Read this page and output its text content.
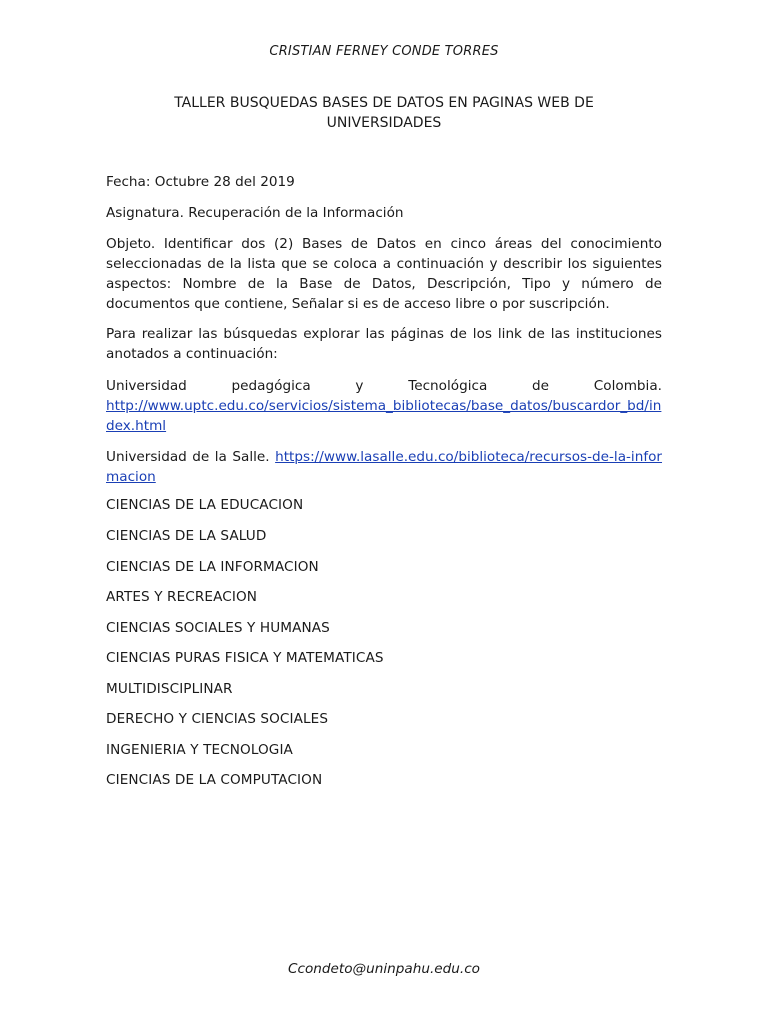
CRISTIAN FERNEY CONDE TORRES
TALLER BUSQUEDAS BASES DE DATOS EN PAGINAS WEB DE
UNIVERSIDADES

Fecha: Octubre 28 del 2019

Asignatura. Recuperación de la Información

Objeto. Identificar dos (2) Bases de Datos en cinco áreas del conocimiento seleccionadas de la lista que se coloca a continuación y describir los siguientes aspectos: Nombre de la Base de Datos, Descripción, Tipo y número de documentos que contiene, Señalar si es de acceso libre o por suscripción.

Para realizar las búsquedas explorar las páginas de los link de las instituciones anotados a continuación:

Universidad pedagógica y Tecnológica de Colombia.
http://www.uptc.edu.co/servicios/sistema_bibliotecas/base_datos/buscardor_bd/index.html
Universidad de la Salle. https://www.lasalle.edu.co/biblioteca/recursos-de-la-informacion
CIENCIAS DE LA EDUCACION
CIENCIAS DE LA SALUD
CIENCIAS DE LA INFORMACION
ARTES Y RECREACION
CIENCIAS SOCIALES Y HUMANAS
CIENCIAS PURAS FISICA Y MATEMATICAS
MULTIDISCIPLINAR
DERECHO Y CIENCIAS SOCIALES
INGENIERIA Y TECNOLOGIA
CIENCIAS DE LA COMPUTACION
Ccondeto@uninpahu.edu.co
